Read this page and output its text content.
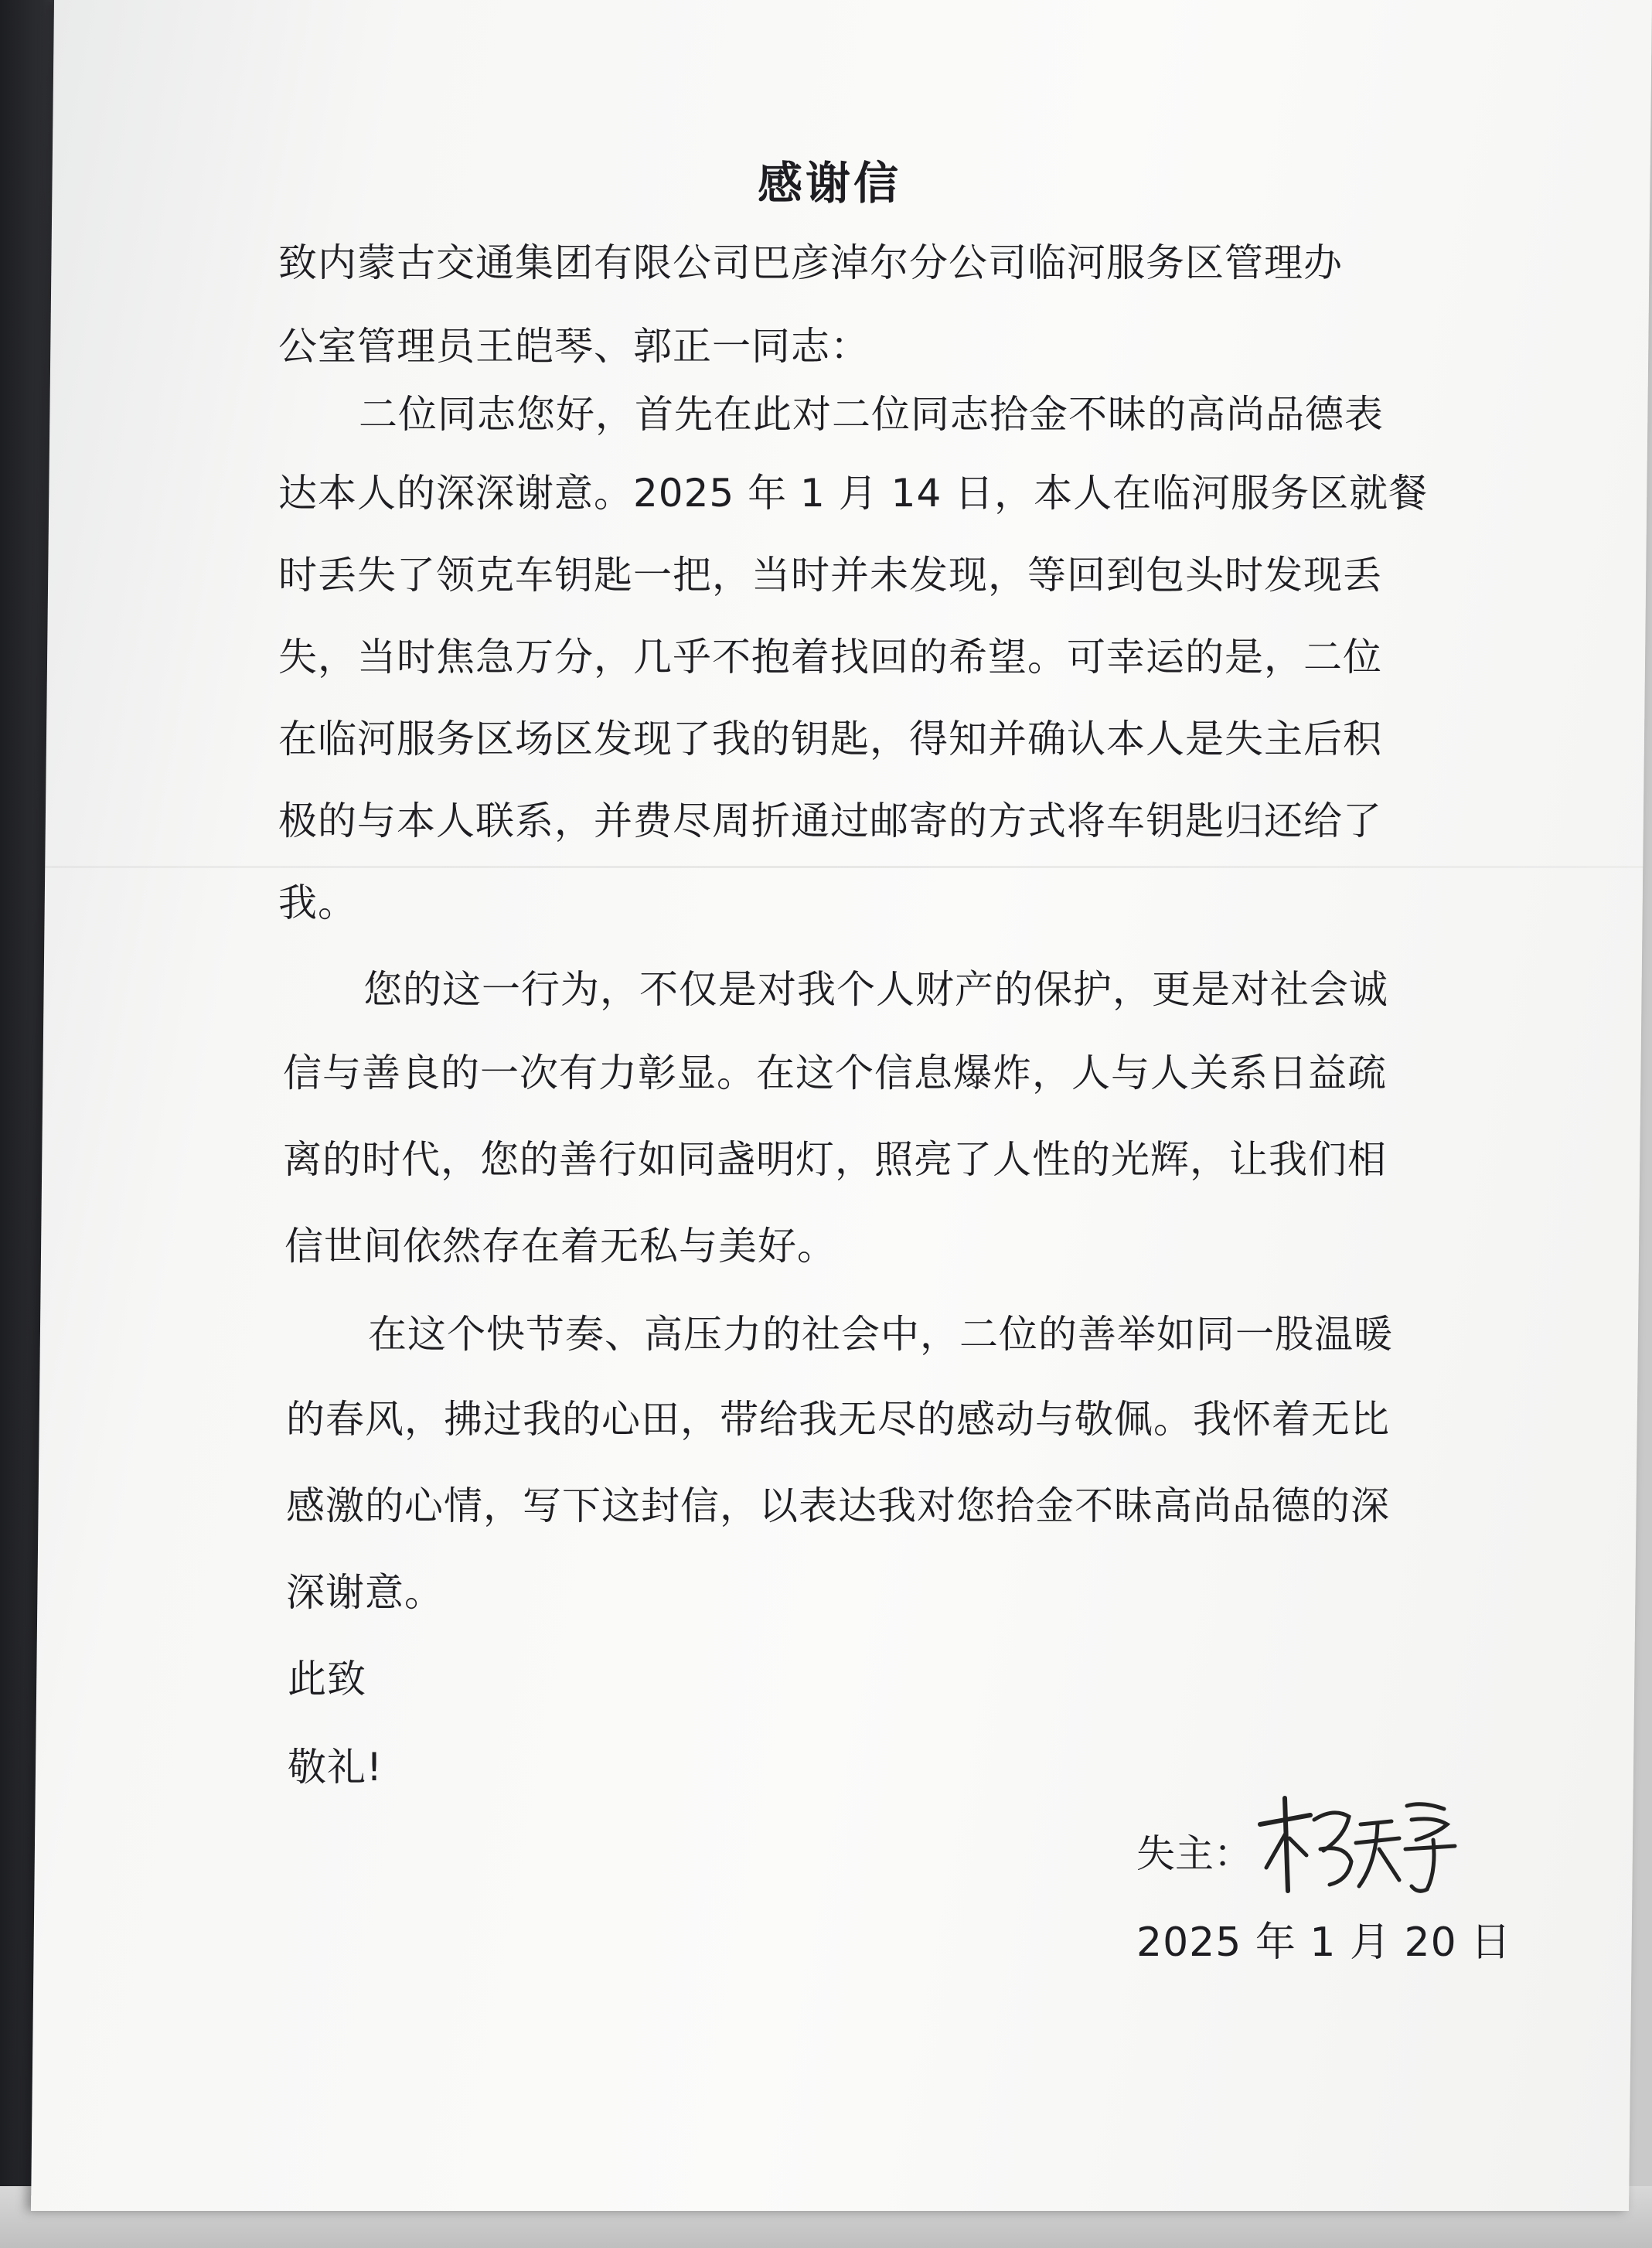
感谢信
致内蒙古交通集团有限公司巴彦淖尔分公司临河服务区管理办
公室管理员王皑琴、郭正一同志：
二位同志您好，首先在此对二位同志拾金不昧的高尚品德表
达本人的深深谢意。2025 年 1 月 14 日，本人在临河服务区就餐
时丢失了领克车钥匙一把，当时并未发现，等回到包头时发现丢
失，当时焦急万分，几乎不抱着找回的希望。可幸运的是，二位
在临河服务区场区发现了我的钥匙，得知并确认本人是失主后积
极的与本人联系，并费尽周折通过邮寄的方式将车钥匙归还给了
我。
您的这一行为，不仅是对我个人财产的保护，更是对社会诚
信与善良的一次有力彰显。在这个信息爆炸，人与人关系日益疏
离的时代，您的善行如同盏明灯，照亮了人性的光辉，让我们相
信世间依然存在着无私与美好。
在这个快节奏、高压力的社会中，二位的善举如同一股温暖
的春风，拂过我的心田，带给我无尽的感动与敬佩。我怀着无比
感激的心情，写下这封信，以表达我对您拾金不昧高尚品德的深
深谢意。
此致
敬礼!
失主：
2025 年 1 月 20 日
